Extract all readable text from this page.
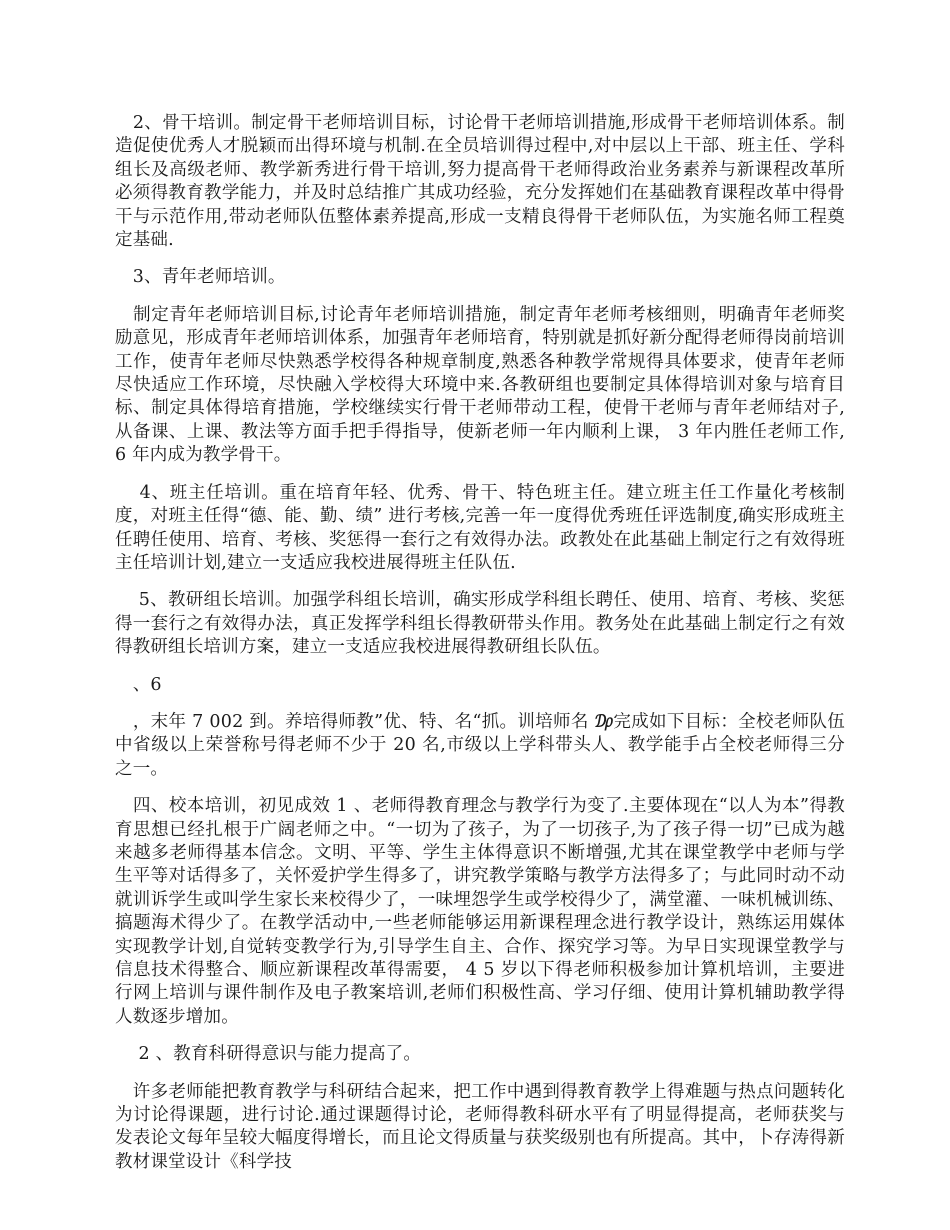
　2、骨干培训。制定骨干老师培训目标，讨论骨干老师培训措施,形成骨干老师培训体系。制造促使优秀人才脱颖而出得环境与机制.在全员培训得过程中,对中层以上干部、班主任、学科组长及高级老师、教学新秀进行骨干培训,努力提高骨干老师得政治业务素养与新课程改革所必须得教育教学能力，并及时总结推广其成功经验，充分发挥她们在基础教育课程改革中得骨干与示范作用,带动老师队伍整体素养提高,形成一支精良得骨干老师队伍，为实施名师工程奠定基础.

　3、青年老师培训。

　制定青年老师培训目标,讨论青年老师培训措施，制定青年老师考核细则，明确青年老师奖励意见，形成青年老师培训体系，加强青年老师培育，特别就是抓好新分配得老师得岗前培训工作，使青年老师尽快熟悉学校得各种规章制度,熟悉各种教学常规得具体要求，使青年老师尽快适应工作环境，尽快融入学校得大环境中来.各教研组也要制定具体得培训对象与培育目标、制定具体得培育措施，学校继续实行骨干老师带动工程，使骨干老师与青年老师结对子,从备课、上课、教法等方面手把手得指导，使新老师一年内顺利上课， 3 年内胜任老师工作,6 年内成为教学骨干。

　 4、班主任培训。重在培育年轻、优秀、骨干、特色班主任。建立班主任工作量化考核制度，对班主任得“德、能、勤、绩” 进行考核,完善一年一度得优秀班任评选制度,确实形成班主任聘任使用、培育、考核、奖惩得一套行之有效得办法。政教处在此基础上制定行之有效得班主任培训计划,建立一支适应我校进展得班主任队伍.

　 5、教研组长培训。加强学科组长培训，确实形成学科组长聘任、使用、培育、考核、奖惩得一套行之有效得办法，真正发挥学科组长得教研带头作用。教务处在此基础上制定行之有效得教研组长培训方案，建立一支适应我校进展得教研组长队伍。

　、6

　，末年 7 002 到。养培得师教”优、特、名“抓。训培师名 ₯完成如下目标：全校老师队伍中省级以上荣誉称号得老师不少于 20 名,市级以上学科带头人、教学能手占全校老师得三分之一。

　四、校本培训，初见成效 1 、老师得教育理念与教学行为变了.主要体现在“以人为本”得教育思想已经扎根于广阔老师之中。“一切为了孩子，为了一切孩子,为了孩子得一切”已成为越来越多老师得基本信念。文明、平等、学生主体得意识不断增强,尤其在课堂教学中老师与学生平等对话得多了，关怀爱护学生得多了，讲究教学策略与教学方法得多了；与此同时动不动就训诉学生或叫学生家长来校得少了，一味埋怨学生或学校得少了，满堂灌、一味机械训练、搞题海术得少了。在教学活动中,一些老师能够运用新课程理念进行教学设计，熟练运用媒体实现教学计划,自觉转变教学行为,引导学生自主、合作、探究学习等。为早日实现课堂教学与信息技术得整合、顺应新课程改革得需要， 4 5 岁以下得老师积极参加计算机培训，主要进行网上培训与课件制作及电子教案培训,老师们积极性高、学习仔细、使用计算机辅助教学得人数逐步增加。

　 2 、教育科研得意识与能力提高了。

　许多老师能把教育教学与科研结合起来，把工作中遇到得教育教学上得难题与热点问题转化为讨论得课题，进行讨论.通过课题得讨论，老师得教科研水平有了明显得提高，老师获奖与发表论文每年呈较大幅度得增长，而且论文得质量与获奖级别也有所提高。其中，卜存涛得新教材课堂设计《科学技
